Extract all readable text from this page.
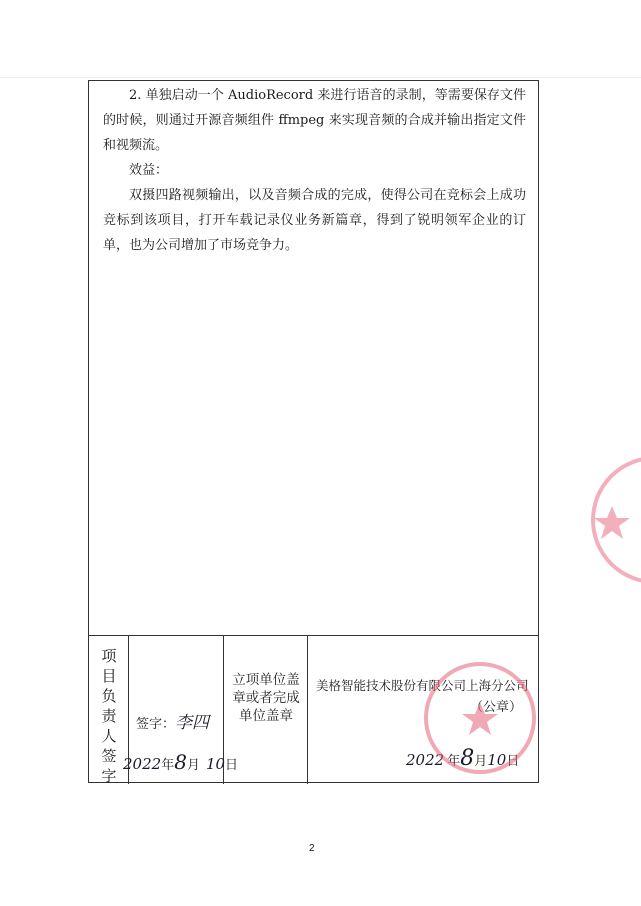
2. 单独启动一个 AudioRecord 来进行语音的录制，等需要保存文件的时候，则通过开源音频组件 ffmpeg 来实现音频的合成并输出指定文件和视频流。

效益：

双摄四路视频输出，以及音频合成的完成，使得公司在竞标会上成功竞标到该项目，打开车载记录仪业务新篇章，得到了锐明领军企业的订单，也为公司增加了市场竞争力。

项
目
负
责
人
签
字
签字：李四
2022年8月 10日
立项单位盖章或者完成单位盖章
美格智能技术股份有限公司上海分公司
（公章）
2022 年8月10日
2
